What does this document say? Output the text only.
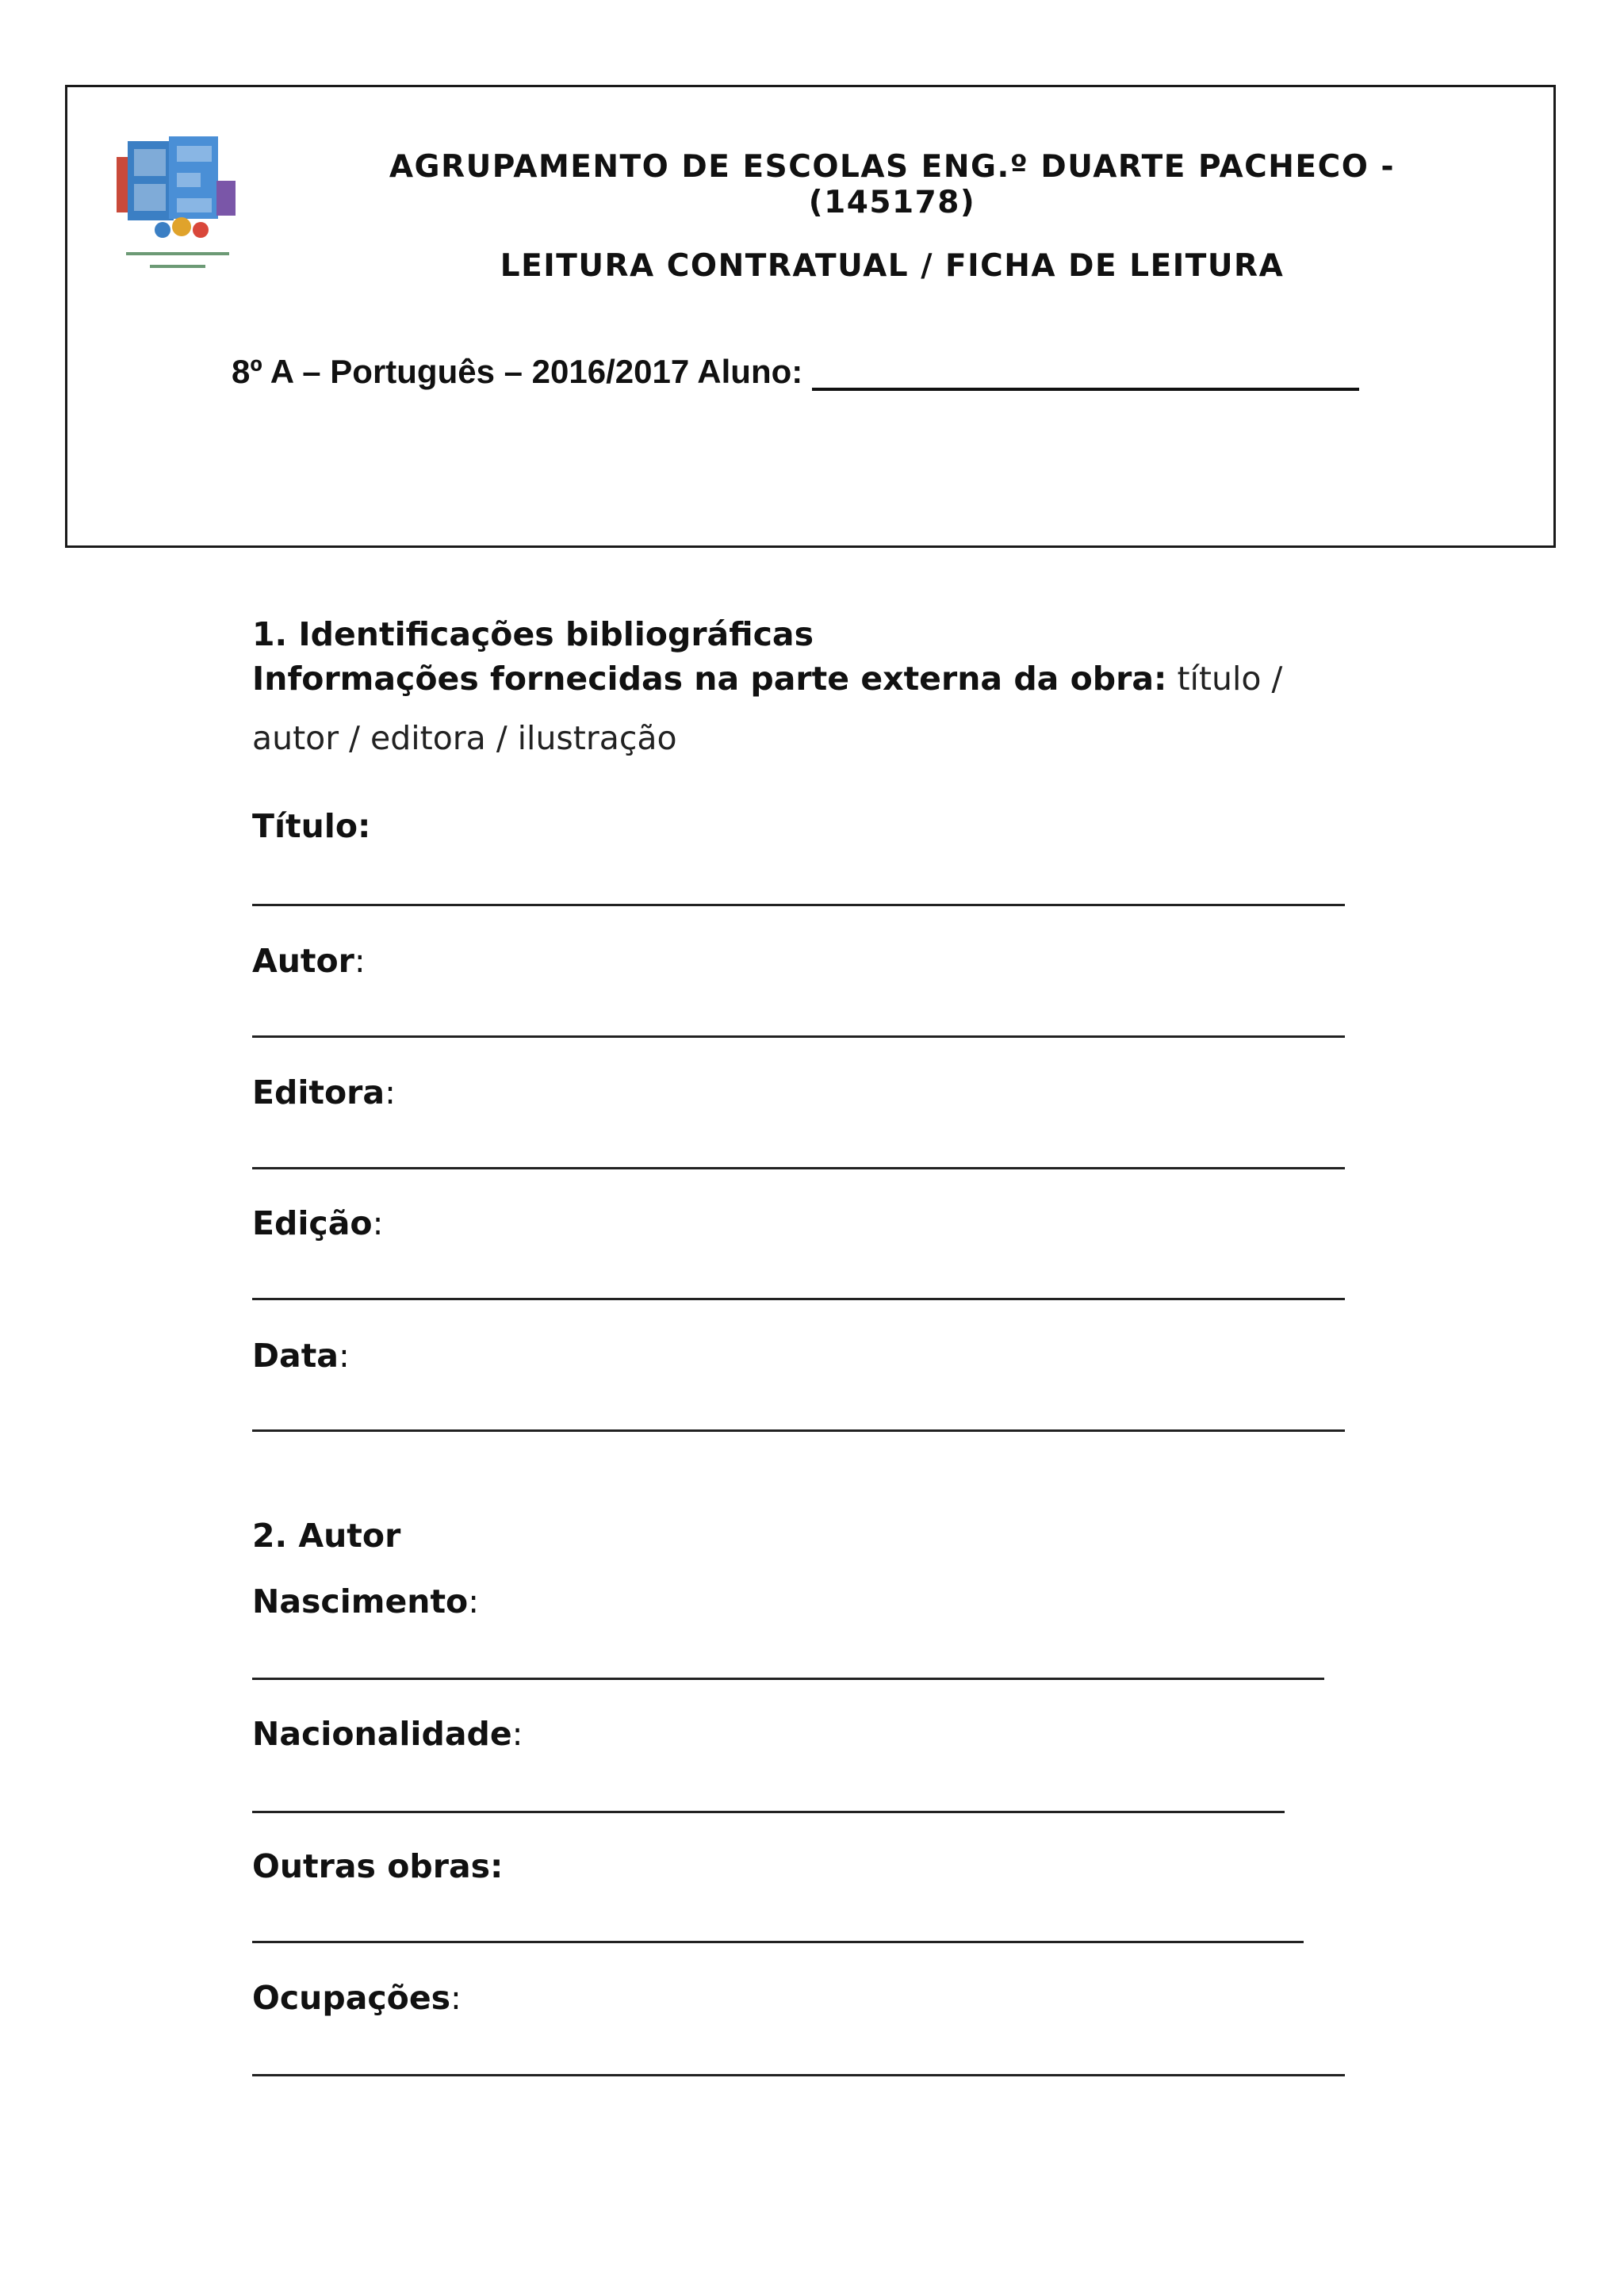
AGRUPAMENTO DE ESCOLAS ENG.º DUARTE PACHECO - (145178)
LEITURA CONTRATUAL / FICHA DE LEITURA
8º A – Português – 2016/2017 Aluno:
1. Identificações bibliográficas
Informações fornecidas na parte externa da obra: título / autor / editora / ilustração
Título:
Autor:
Editora:
Edição:
Data:
2. Autor
Nascimento:
Nacionalidade:
Outras obras:
Ocupações:
